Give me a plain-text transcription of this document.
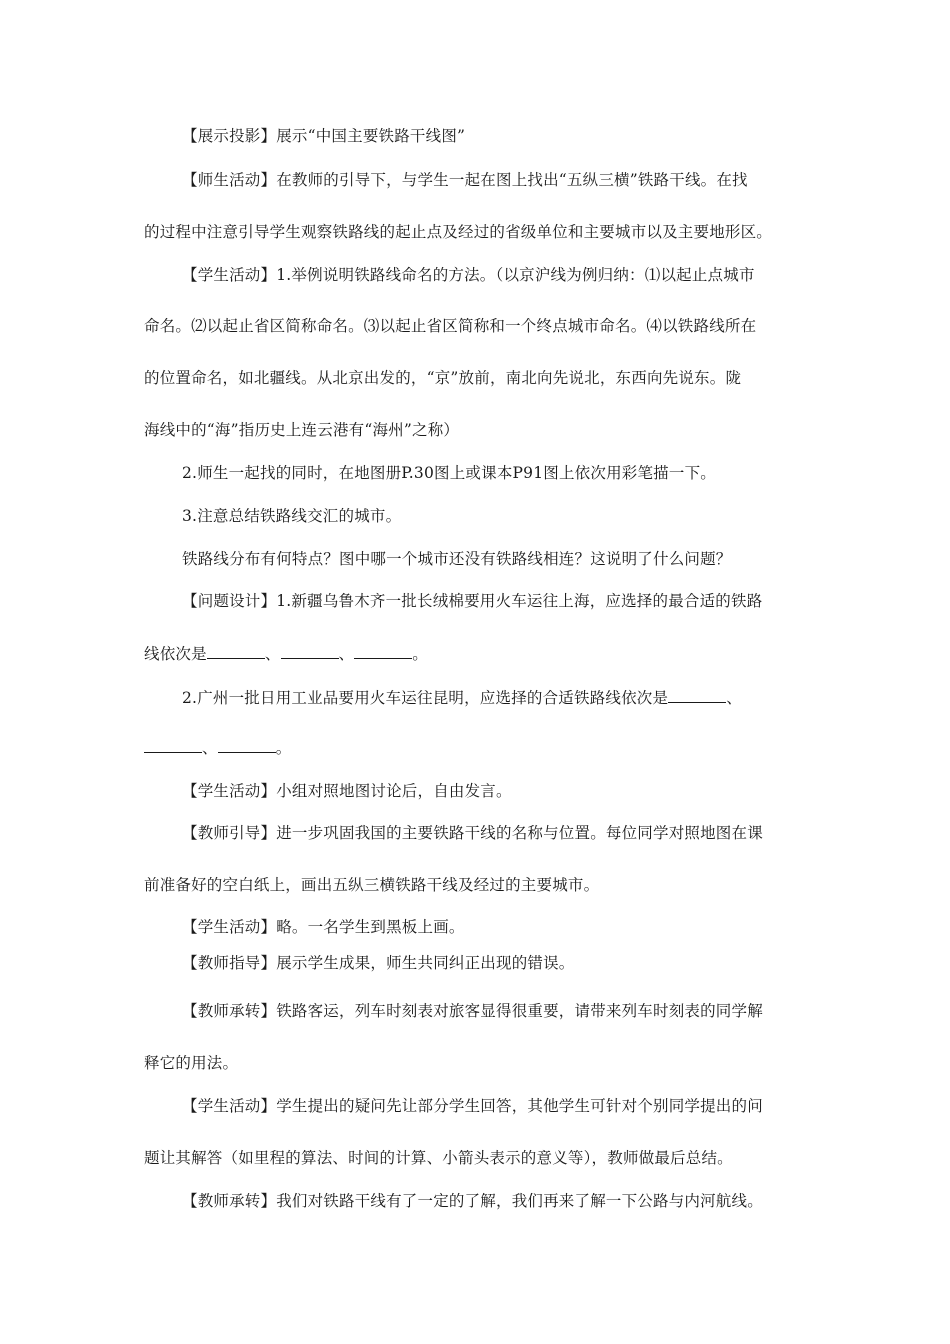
【展示投影】展示“中国主要铁路干线图”
【师生活动】在教师的引导下，与学生一起在图上找出“五纵三横”铁路干线。在找
的过程中注意引导学生观察铁路线的起止点及经过的省级单位和主要城市以及主要地形区。
【学生活动】1.举例说明铁路线命名的方法。（以京沪线为例归纳：⑴以起止点城市
命名。⑵以起止省区简称命名。⑶以起止省区简称和一个终点城市命名。⑷以铁路线所在
的位置命名，如北疆线。从北京出发的，“京”放前，南北向先说北，东西向先说东。陇
海线中的“海”指历史上连云港有“海州”之称）
2.师生一起找的同时，在地图册P.30图上或课本P91图上依次用彩笔描一下。
3.注意总结铁路线交汇的城市。
铁路线分布有何特点？图中哪一个城市还没有铁路线相连？这说明了什么问题？
【问题设计】1.新疆乌鲁木齐一批长绒棉要用火车运往上海，应选择的最合适的铁路
线依次是	、	、	。
2.广州一批日用工业品要用火车运往昆明，应选择的合适铁路线依次是	、
、	。
【学生活动】小组对照地图讨论后，自由发言。
【教师引导】进一步巩固我国的主要铁路干线的名称与位置。每位同学对照地图在课
前准备好的空白纸上，画出五纵三横铁路干线及经过的主要城市。
【学生活动】略。一名学生到黑板上画。
【教师指导】展示学生成果，师生共同纠正出现的错误。
【教师承转】铁路客运，列车时刻表对旅客显得很重要，请带来列车时刻表的同学解
释它的用法。
【学生活动】学生提出的疑问先让部分学生回答，其他学生可针对个别同学提出的问
题让其解答（如里程的算法、时间的计算、小箭头表示的意义等），教师做最后总结。
【教师承转】我们对铁路干线有了一定的了解，我们再来了解一下公路与内河航线。
